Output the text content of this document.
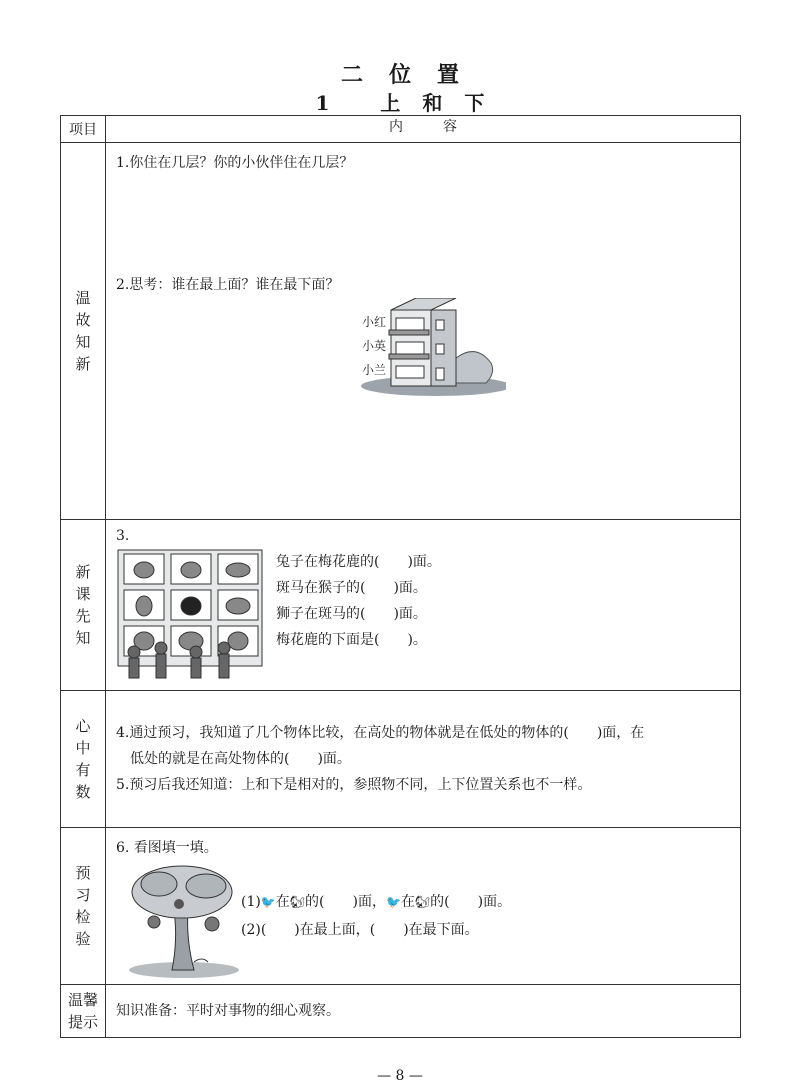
二位置
1 上和下
项目	内容
温故知新	1.你住在几层？你的小伙伴住在几层？
2.思考：谁在最上面？谁在最下面？
小红
小英
小兰

新课先知	3.
兔子在梅花鹿的(　　)面。
斑马在猴子的(　　)面。
狮子在斑马的(　　)面。
梅花鹿的下面是(　　)。

心中有数	4.通过预习，我知道了几个物体比较，在高处的物体就是在低处的物体的(　　)面，在
低处的就是在高处物体的(　　)面。
5.预习后我还知道：上和下是相对的，参照物不同，上下位置关系也不一样。

预习检验	6. 看图填一填。
(1)🐦在🐿的(　　)面，🐦在🐿的(　　)面。
(2)(　　)在最上面，(　　)在最下面。

温馨提示	知识准备：平时对事物的细心观察。
— 8 —
